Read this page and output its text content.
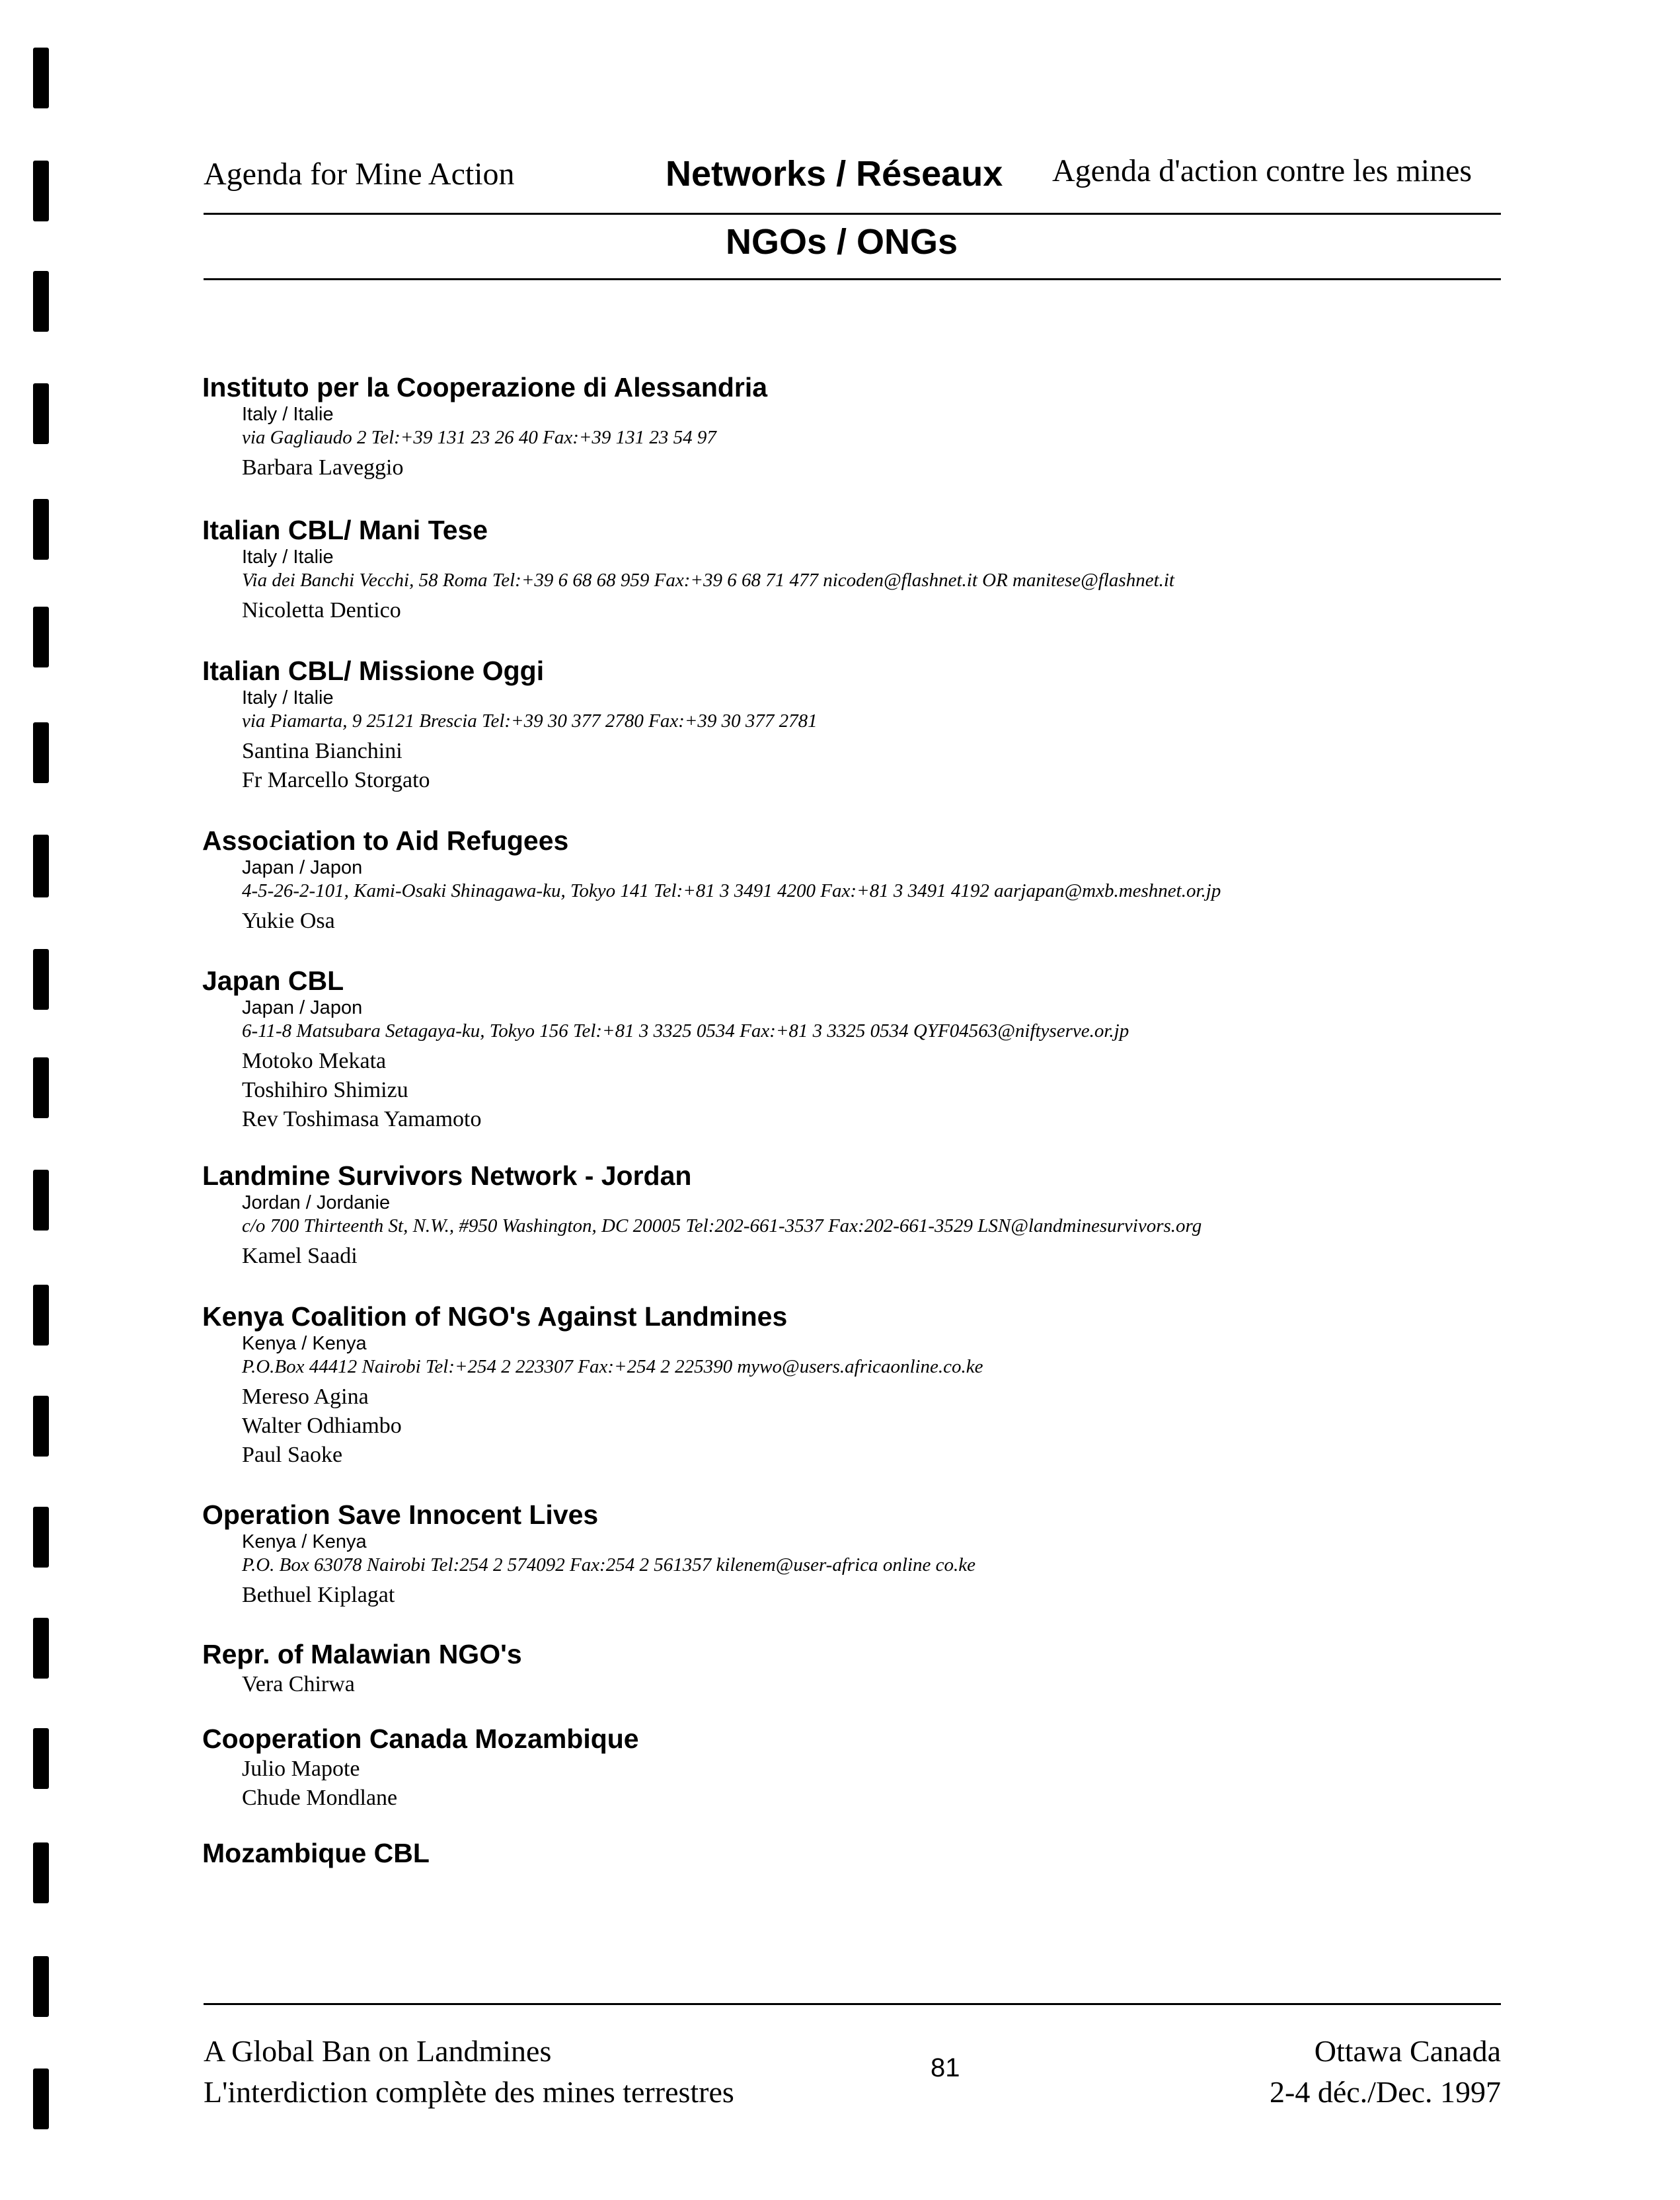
Agenda for Mine Action	Networks / Réseaux Agenda d'action contre les mines
NGOs / ONGs
Instituto per la Cooperazione di Alessandria
Italy / Italie
via Gagliaudo 2 Tel:+39 131 23 26 40 Fax:+39 131 23 54 97
Barbara Laveggio
Italian CBL/ Mani Tese
Italy / Italie
Via dei Banchi Vecchi, 58 Roma Tel:+39 6 68 68 959 Fax:+39 6 68 71 477 nicoden@flashnet.it OR manitese@flashnet.it
Nicoletta Dentico
Italian CBL/ Missione Oggi
Italy / Italie
via Piamarta, 9 25121 Brescia Tel:+39 30 377 2780 Fax:+39 30 377 2781
Santina Bianchini
Fr Marcello Storgato
Association to Aid Refugees
Japan / Japon
4-5-26-2-101, Kami-Osaki Shinagawa-ku, Tokyo 141 Tel:+81 3 3491 4200 Fax:+81 3 3491 4192 aarjapan@mxb.meshnet.or.jp
Yukie Osa
Japan CBL
Japan / Japon
6-11-8 Matsubara Setagaya-ku, Tokyo 156 Tel:+81 3 3325 0534 Fax:+81 3 3325 0534 QYF04563@niftyserve.or.jp
Motoko Mekata
Toshihiro Shimizu
Rev Toshimasa Yamamoto
Landmine Survivors Network - Jordan
Jordan / Jordanie
c/o 700 Thirteenth St, N.W., #950 Washington, DC 20005 Tel:202-661-3537 Fax:202-661-3529 LSN@landminesurvivors.org
Kamel Saadi
Kenya Coalition of NGO's Against Landmines
Kenya / Kenya
P.O.Box 44412 Nairobi Tel:+254 2 223307 Fax:+254 2 225390 mywo@users.africaonline.co.ke
Mereso Agina
Walter Odhiambo
Paul Saoke
Operation Save Innocent Lives
Kenya / Kenya
P.O. Box 63078 Nairobi Tel:254 2 574092 Fax:254 2 561357 kilenem@user-africa online co.ke
Bethuel Kiplagat
Repr. of Malawian NGO's
Vera Chirwa
Cooperation Canada Mozambique
Julio Mapote
Chude Mondlane
Mozambique CBL
A Global Ban on Landmines
L'interdiction complète des mines terrestres
81	Ottawa Canada
2-4 déc./Dec. 1997
